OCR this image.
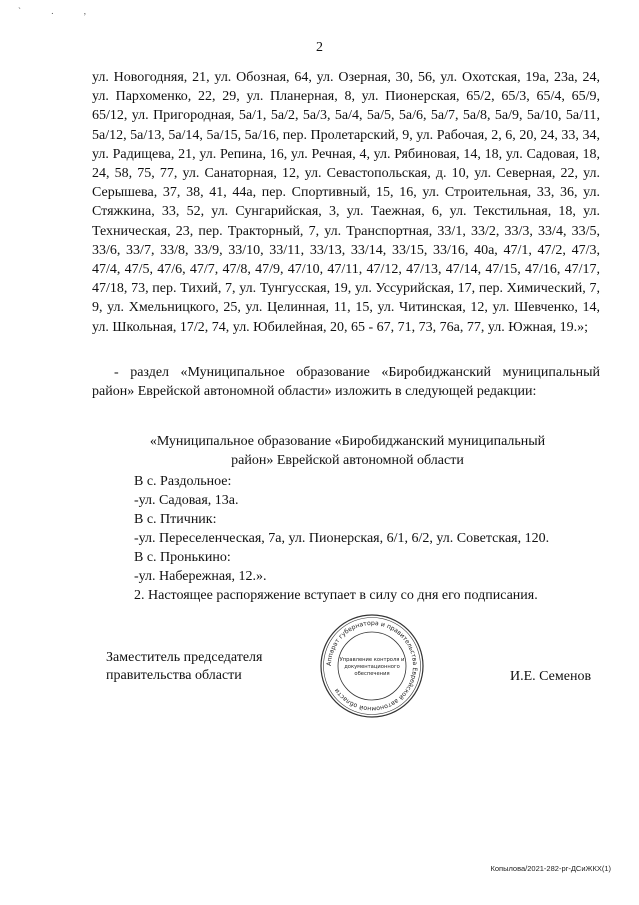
` . ,
2

ул. Новогодняя, 21, ул. Обозная, 64, ул. Озерная, 30, 56, ул. Охотская, 19а, 23а, 24, ул. Пархоменко, 22, 29, ул. Планерная, 8, ул. Пионерская, 65/2, 65/3, 65/4, 65/9, 65/12, ул. Пригородная, 5а/1, 5а/2, 5а/3, 5а/4, 5а/5, 5а/6, 5а/7, 5а/8, 5а/9, 5а/10, 5а/11, 5а/12, 5а/13, 5а/14, 5а/15, 5а/16, пер. Пролетарский, 9, ул. Рабочая, 2, 6, 20, 24, 33, 34, ул. Радищева, 21, ул. Репина, 16, ул. Речная, 4, ул. Рябиновая, 14, 18, ул. Садовая, 18, 24, 58, 75, 77, ул. Санаторная, 12, ул. Севастопольская, д. 10, ул. Северная, 22, ул. Серышева, 37, 38, 41, 44а, пер. Спортивный, 15, 16, ул. Строительная, 33, 36, ул. Стяжкина, 33, 52, ул. Сунгарийская, 3, ул. Таежная, 6, ул. Текстильная, 18, ул. Техническая, 23, пер. Тракторный, 7, ул. Транспортная, 33/1, 33/2, 33/3, 33/4, 33/5, 33/6, 33/7, 33/8, 33/9, 33/10, 33/11, 33/13, 33/14, 33/15, 33/16, 40а, 47/1, 47/2, 47/3, 47/4, 47/5, 47/6, 47/7, 47/8, 47/9, 47/10, 47/11, 47/12, 47/13, 47/14, 47/15, 47/16, 47/17, 47/18, 73, пер. Тихий, 7, ул. Тунгусская, 19, ул. Уссурийская, 17, пер. Химический, 7, 9, ул. Хмельницкого, 25, ул. Целинная, 11, 15, ул. Читинская, 12, ул. Шевченко, 14, ул. Школьная, 17/2, 74, ул. Юбилейная, 20, 65 - 67, 71, 73, 76а, 77, ул. Южная, 19.»;

- раздел «Муниципальное образование «Биробиджанский муниципальный район» Еврейской автономной области» изложить в следующей редакции:

«Муниципальное образование «Биробиджанский муниципальный
район» Еврейской автономной области

В с. Раздольное:

-ул. Садовая, 13а.

В с. Птичник:

-ул. Переселенческая, 7а, ул. Пионерская, 6/1, 6/2, ул. Советская, 120.

В с. Пронькино:

-ул. Набережная, 12.».

2. Настоящее распоряжение вступает в силу со дня его подписания.

Заместитель председателя
правительства области
Аппарат губернатора и правительства Еврейской автономной области
Управление контроля и
документационного
обеспечения	И.Е. Семенов
Копылова/2021-282-рг-ДСиЖКХ(1)
